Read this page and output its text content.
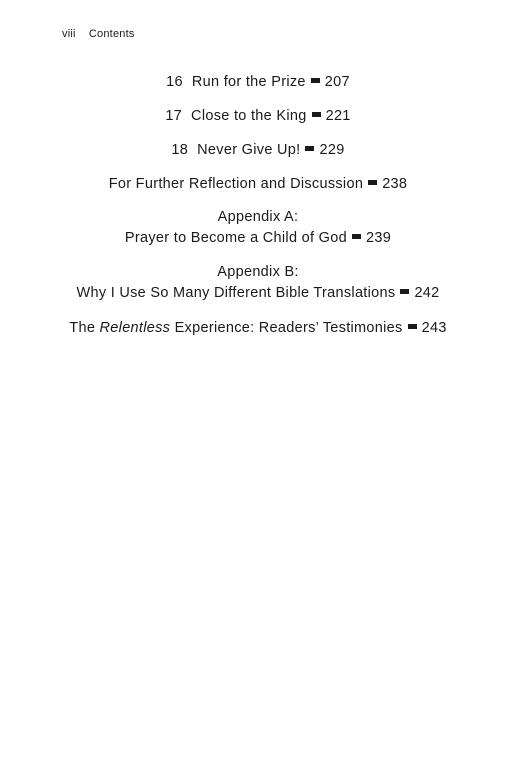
viii Contents
16 Run for the Prize 207
17 Close to the King 221
18 Never Give Up! 229
For Further Reflection and Discussion 238
Appendix A:
Prayer to Become a Child of God 239
Appendix B:
Why I Use So Many Different Bible Translations 242
The Relentless Experience: Readers’ Testimonies 243
